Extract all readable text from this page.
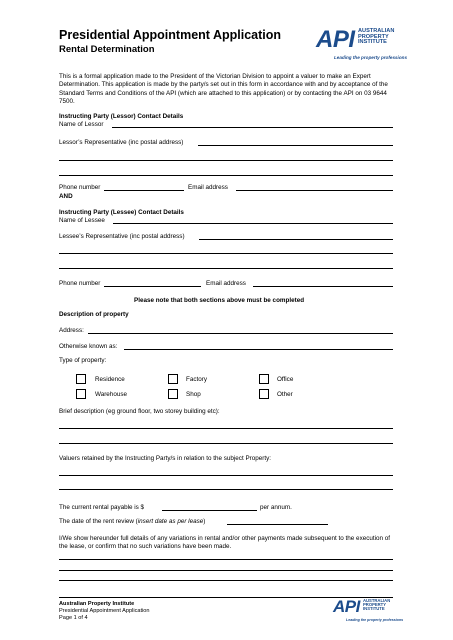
Presidential Appointment Application
Rental Determination	API AUSTRALIAN
PROPERTY
INSTITUTE
Leading the property professions
This is a formal application made to the President of the Victorian Division to appoint a valuer to make an Expert Determination. This application is made by the party/s set out in this form in accordance with and by acceptance of the Standard Terms and Conditions of the API (which are attached to this application) or by contacting the API on 03 9644 7500.
Instructing Party (Lessor) Contact Details
Name of Lessor
Lessor’s Representative (inc postal address)
Phone number	Email address
AND
Instructing Party (Lessee) Contact Details
Name of Lessee
Lessee’s Representative (inc postal address)
Phone number	Email address
Please note that both sections above must be completed
Description of property
Address:
Otherwise known as:
Type of property:
Residence	Factory	Office
Warehouse	Shop	Other
Brief description (eg ground floor, two storey building etc):
Valuers retained by the Instructing Party/s in relation to the subject Property:
The current rental payable is $	per annum.
The date of the rent review (insert date as per lease)
I/We show hereunder full details of any variations in rental and/or other payments made subsequent to the execution of the lease, or confirm that no such variations have been made.
Australian Property Institute
Presidential Appointment Application
Page 1 of 4
API AUSTRALIAN
PROPERTY
INSTITUTE
Leading the property professions
